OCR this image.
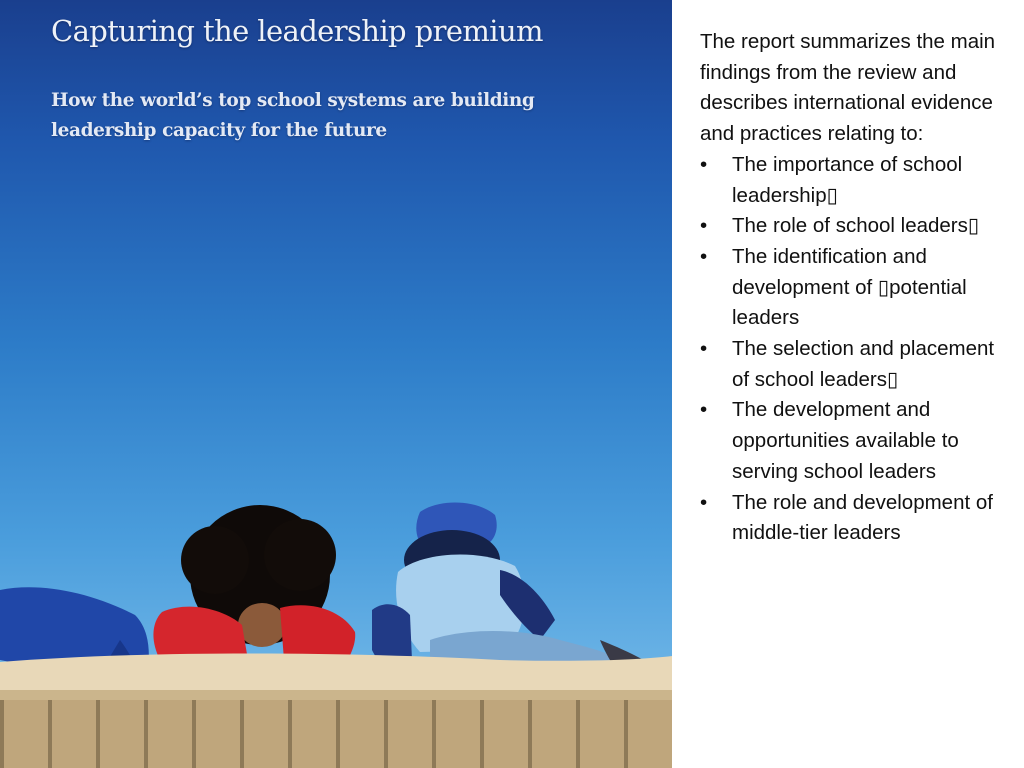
Capturing the leadership premium
How the world’s top school systems are building leadership capacity for the future

The report summarizes the main findings from the review and describes international evidence and practices relating to:

• The importance of school leadership▯
• The role of school leaders▯
• The identification and development of ▯potential leaders
• The selection and placement of school leaders▯
• The development and opportunities available to serving school leaders
• The role and development of middle-tier leaders
